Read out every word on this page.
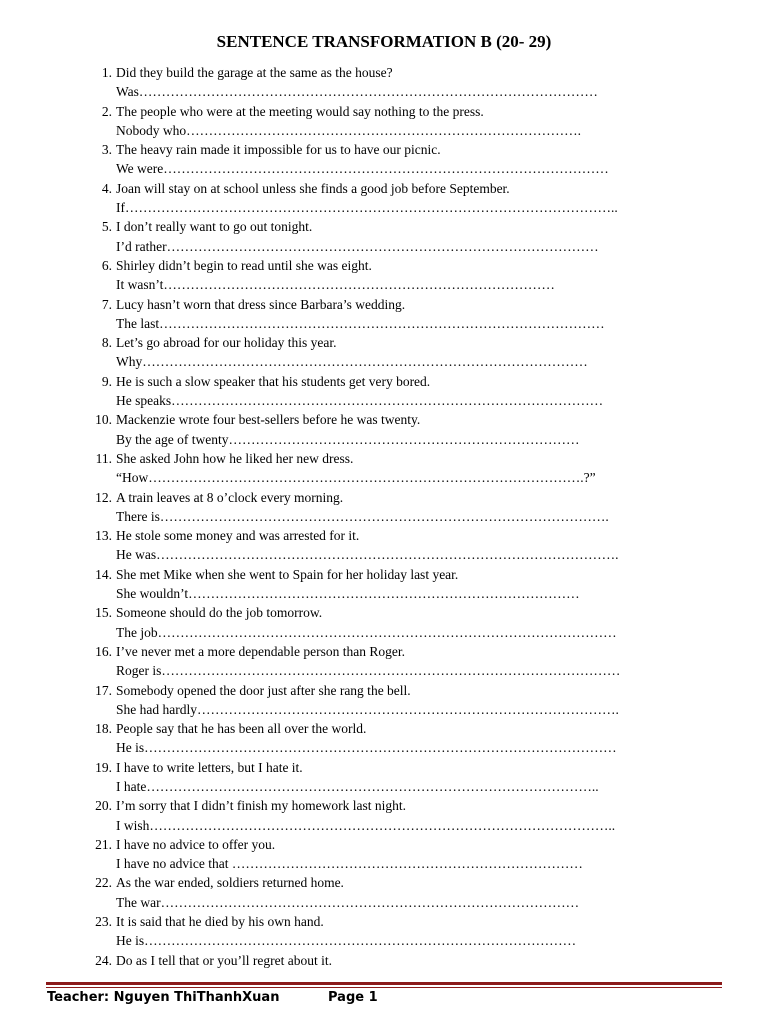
SENTENCE TRANSFORMATION B (20- 29)
1. Did they build the garage at the same as the house?
Was…………………………………………………………………………………………
2. The people who were at the meeting would say nothing to the press.
Nobody who…………………………………………………………………………….
3. The heavy rain made it impossible for us to have our picnic.
We were………………………………………………………………………………………
4. Joan will stay on at school unless she finds a good job before September.
If………………………………………………………………………………………………..
5. I don’t really want to go out tonight.
I’d rather……………………………………………………………………………………
6. Shirley didn’t begin to read until she was eight.
It wasn’t……………………………………………………………………………
7. Lucy hasn’t worn that dress since Barbara’s wedding.
The last………………………………………………………………………………………
8. Let’s go abroad for our holiday this year.
Why………………………………………………………………………………………
9. He is such a slow speaker that his students get very bored.
He speaks……………………………………………………………………………………
10. Mackenzie wrote four best-sellers before he was twenty.
By the age of twenty……………………………………………………………………
11. She asked John how he liked her new dress.
“How…………………………………………………………………………………….?”
12. A train leaves at 8 o’clock every morning.
There is……………………………………………………………………………………….
13. He stole some money and was arrested for it.
He was………………………………………………………………………………………….
14. She met Mike when she went to Spain for her holiday last year.
She wouldn’t……………………………………………………………………………
15. Someone should do the job tomorrow.
The job…………………………………………………………………………………………
16. I’ve never met a more dependable person than Roger.
Roger is…………………………………………………………………………………………
17. Somebody opened the door just after she rang the bell.
She had hardly………………………………………………………………………………….
18. People say that he has been all over the world.
He is……………………………………………………………………………………………
19. I have to write letters, but I hate it.
I hate………………………………………………………………………………………..
20. I’m sorry that I didn’t finish my homework last night.
I wish…………………………………………………………………………………………..
21. I have no advice to offer you.
I have no advice that ……………………………………………………………………
22. As the war ended, soldiers returned home.
The war…………………………………………………………………………………
23. It is said that he died by his own hand.
He is……………………………………………………………………………………
24. Do as I tell that or you’ll regret about it.
Teacher: Nguyen ThiThanhXuan	Page 1
